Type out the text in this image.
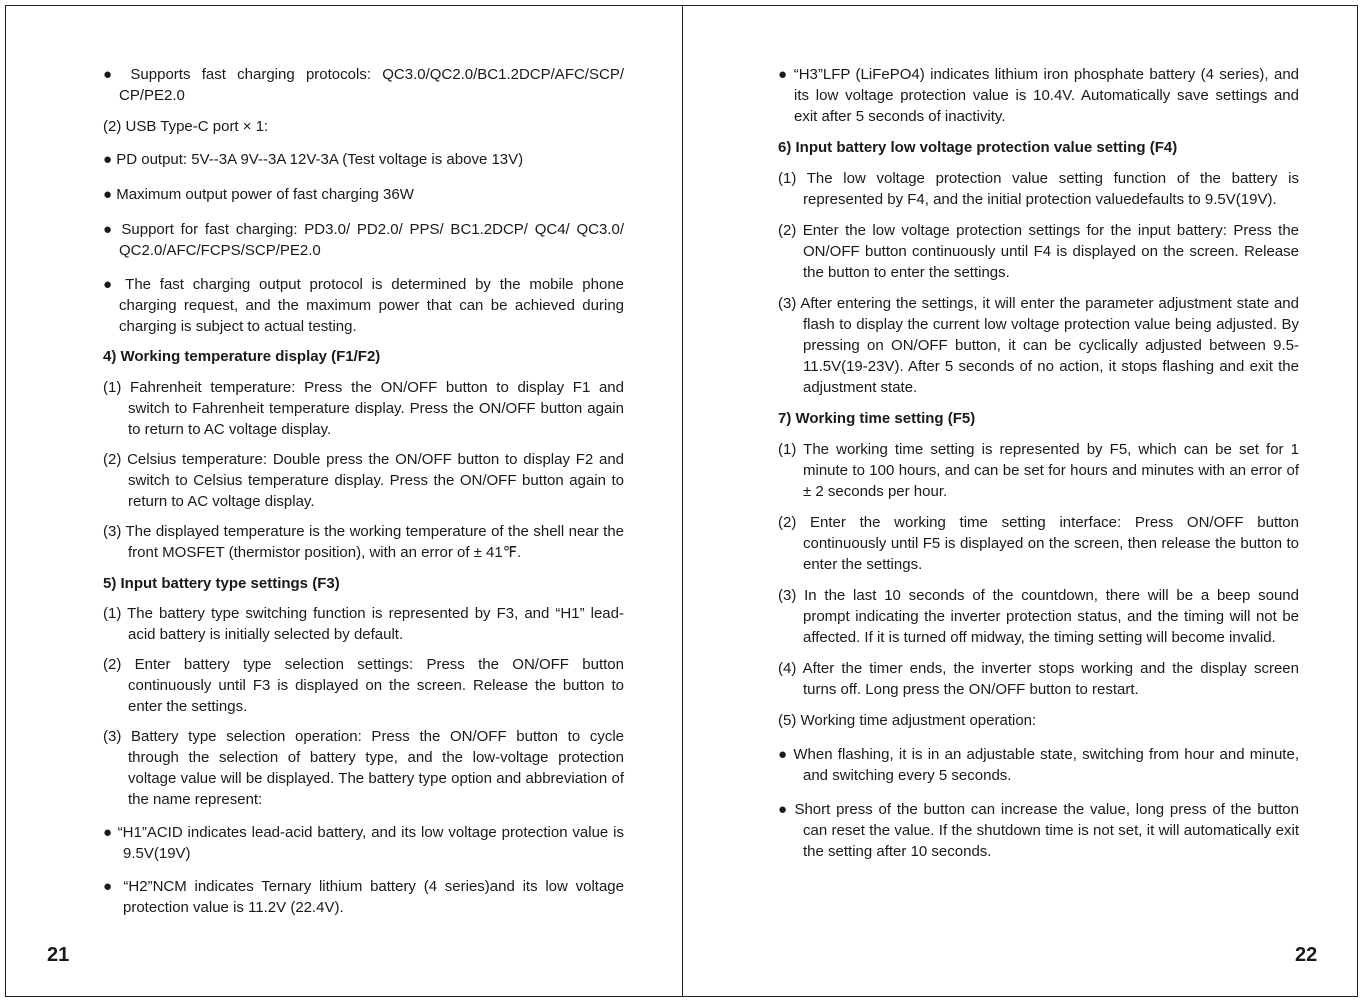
● Supports fast charging protocols: QC3.0/QC2.0/BC1.2DCP/AFC/SCP/ CP/PE2.0

(2) USB Type-C port × 1:

● PD output: 5V--3A 9V--3A 12V-3A (Test voltage is above 13V)

● Maximum output power of fast charging 36W

● Support for fast charging: PD3.0/ PD2.0/ PPS/ BC1.2DCP/ QC4/ QC3.0/ QC2.0/AFC/FCPS/SCP/PE2.0

● The fast charging output protocol is determined by the mobile phone charging request, and the maximum power that can be achieved during charging is subject to actual testing.

4) Working temperature display (F1/F2)

(1) Fahrenheit temperature: Press the ON/OFF button to display F1 and switch to Fahrenheit temperature display. Press the ON/OFF button again to return to AC voltage display.

(2) Celsius temperature: Double press the ON/OFF button to display F2 and switch to Celsius temperature display. Press the ON/OFF button again to return to AC voltage display.

(3) The displayed temperature is the working temperature of the shell near the front MOSFET (thermistor position), with an error of ± 41℉.

5) Input battery type settings (F3)

(1) The battery type switching function is represented by F3, and “H1” lead-acid battery is initially selected by default.

(2) Enter battery type selection settings: Press the ON/OFF button continuously until F3 is displayed on the screen. Release the button to enter the settings.

(3) Battery type selection operation: Press the ON/OFF button to cycle through the selection of battery type, and the low-voltage protection voltage value will be displayed. The battery type option and abbreviation of the name represent:

● “H1”ACID indicates lead-acid battery, and its low voltage protection value is 9.5V(19V)

● “H2”NCM indicates Ternary lithium battery (4 series)and its low voltage protection value is 11.2V (22.4V).

21

● “H3”LFP (LiFePO4) indicates lithium iron phosphate battery (4 series), and its low voltage protection value is 10.4V. Automatically save settings and exit after 5 seconds of inactivity.

6) Input battery low voltage protection value setting (F4)

(1) The low voltage protection value setting function of the battery is represented by F4, and the initial protection valuedefaults to 9.5V(19V).

(2) Enter the low voltage protection settings for the input battery: Press the ON/OFF button continuously until F4 is displayed on the screen. Release the button to enter the settings.

(3) After entering the settings, it will enter the parameter adjustment state and flash to display the current low voltage protection value being adjusted. By pressing on ON/OFF button, it can be cyclically adjusted between 9.5-11.5V(19-23V). After 5 seconds of no action, it stops flashing and exit the adjustment state.

7) Working time setting (F5)

(1) The working time setting is represented by F5, which can be set for 1 minute to 100 hours, and can be set for hours and minutes with an error of ± 2 seconds per hour.

(2) Enter the working time setting interface: Press ON/OFF button continuously until F5 is displayed on the screen, then release the button to enter the settings.

(3) In the last 10 seconds of the countdown, there will be a beep sound prompt indicating the inverter protection status, and the timing will not be affected. If it is turned off midway, the timing setting will become invalid.

(4) After the timer ends, the inverter stops working and the display screen turns off. Long press the ON/OFF button to restart.

(5) Working time adjustment operation:

● When flashing, it is in an adjustable state, switching from hour and minute, and switching every 5 seconds.

● Short press of the button can increase the value, long press of the button can reset the value. If the shutdown time is not set, it will automatically exit the setting after 10 seconds.

22
